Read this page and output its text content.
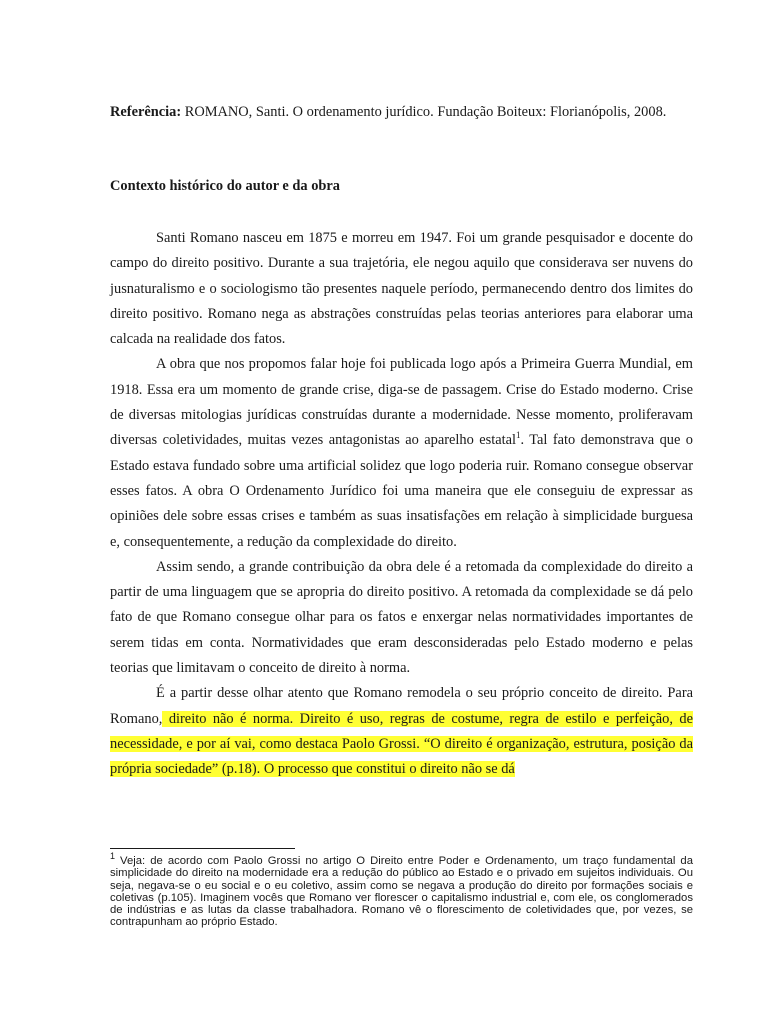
Referência: ROMANO, Santi. O ordenamento jurídico. Fundação Boiteux: Florianópolis, 2008.
Contexto histórico do autor e da obra

Santi Romano nasceu em 1875 e morreu em 1947. Foi um grande pesquisador e docente do campo do direito positivo. Durante a sua trajetória, ele negou aquilo que considerava ser nuvens do jusnaturalismo e o sociologismo tão presentes naquele período, permanecendo dentro dos limites do direito positivo. Romano nega as abstrações construídas pelas teorias anteriores para elaborar uma calcada na realidade dos fatos.

A obra que nos propomos falar hoje foi publicada logo após a Primeira Guerra Mundial, em 1918. Essa era um momento de grande crise, diga-se de passagem. Crise do Estado moderno. Crise de diversas mitologias jurídicas construídas durante a modernidade. Nesse momento, proliferavam diversas coletividades, muitas vezes antagonistas ao aparelho estatal$^1$. Tal fato demonstrava que o Estado estava fundado sobre uma artificial solidez que logo poderia ruir. Romano consegue observar esses fatos. A obra O Ordenamento Jurídico foi uma maneira que ele conseguiu de expressar as opiniões dele sobre essas crises e também as suas insatisfações em relação à simplicidade burguesa e, consequentemente, a redução da complexidade do direito.

Assim sendo, a grande contribuição da obra dele é a retomada da complexidade do direito a partir de uma linguagem que se apropria do direito positivo. A retomada da complexidade se dá pelo fato de que Romano consegue olhar para os fatos e enxergar nelas normatividades importantes de serem tidas em conta. Normatividades que eram desconsideradas pelo Estado moderno e pelas teorias que limitavam o conceito de direito à norma.

É a partir desse olhar atento que Romano remodela o seu próprio conceito de direito. Para Romano, direito não é norma. Direito é uso, regras de costume, regra de estilo e perfeição, de necessidade, e por aí vai, como destaca Paolo Grossi. “O direito é organização, estrutura, posição da própria sociedade” (p.18). O processo que constitui o direito não se dá

$^1$ Veja: de acordo com Paolo Grossi no artigo O Direito entre Poder e Ordenamento, um traço fundamental da simplicidade do direito na modernidade era a redução do público ao Estado e o privado em sujeitos individuais. Ou seja, negava-se o eu social e o eu coletivo, assim como se negava a produção do direito por formações sociais e coletivas (p.105). Imaginem vocês que Romano ver florescer o capitalismo industrial e, com ele, os conglomerados de indústrias e as lutas da classe trabalhadora. Romano vê o florescimento de coletividades que, por vezes, se contrapunham ao próprio Estado.
